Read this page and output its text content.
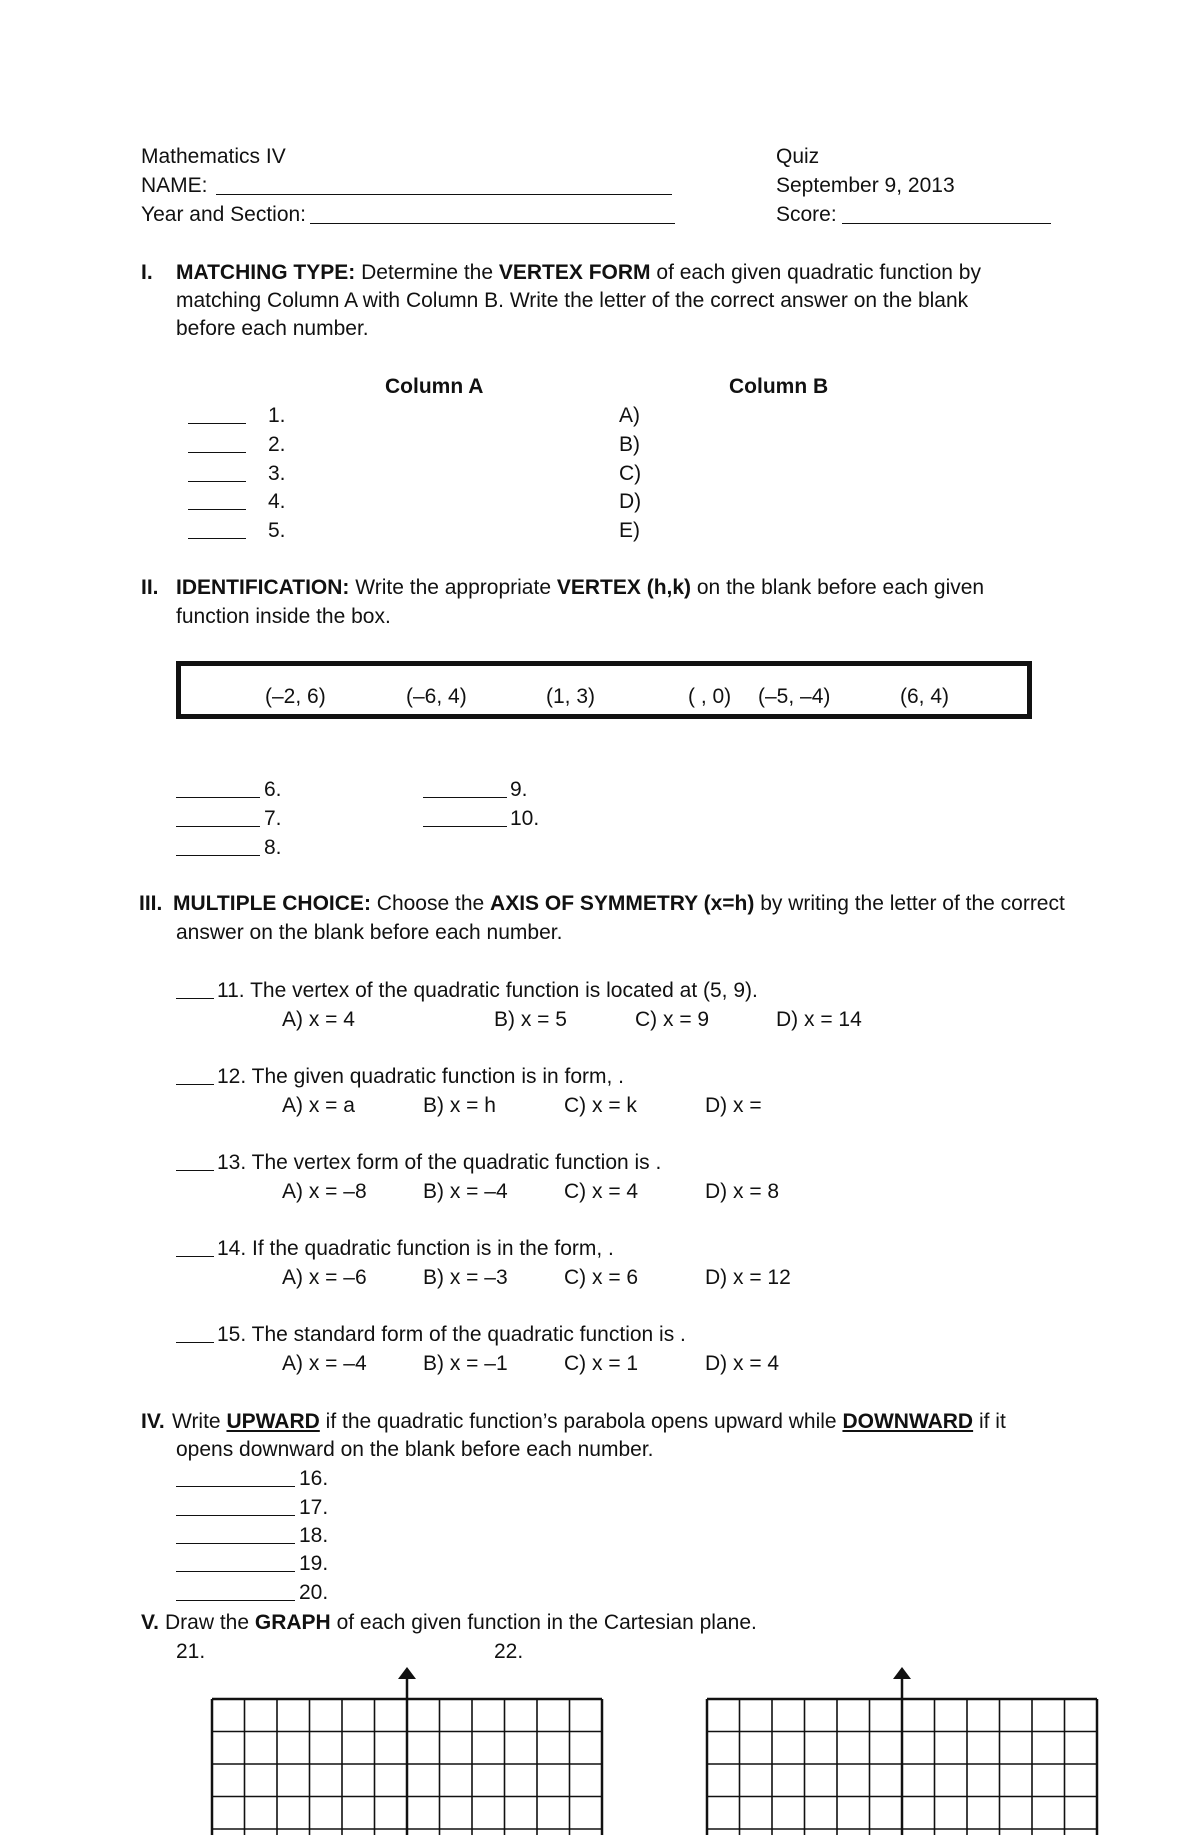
Mathematics IV
NAME:
Year and Section:
Quiz
September 9, 2013
Score:
I. MATCHING TYPE: Determine the VERTEX FORM of each given quadratic function by
matching Column A with Column B. Write the letter of the correct answer on the blank
before each number.
Column A	Column B
1.	A)
2.	B)
3.	C)
4.	D)
5.	E)
II. IDENTIFICATION: Write the appropriate VERTEX (h,k) on the blank before each given
function inside the box.
(–2, 6)	(–6, 4)	(1, 3)	( , 0) (–5, –4)	(6, 4)
6.
7.
8.
9.
10.
III. MULTIPLE CHOICE: Choose the AXIS OF SYMMETRY (x=h) by writing the letter of the correct
answer on the blank before each number.
11. The vertex of the quadratic function is located at (5, 9).
A) x = 4	B) x = 5	C) x = 9	D) x = 14
12. The given quadratic function is in form, .
A) x = a	B) x = h	C) x = k	D) x =
13. The vertex form of the quadratic function is .
A) x = –8	B) x = –4	C) x = 4	D) x = 8
14. If the quadratic function is in the form, .
A) x = –6	B) x = –3	C) x = 6	D) x = 12
15. The standard form of the quadratic function is .
A) x = –4	B) x = –1	C) x = 1	D) x = 4
IV. Write UPWARD if the quadratic function’s parabola opens upward while DOWNWARD if it
opens downward on the blank before each number.
16.
17.
18.
19.
20.
V. Draw the GRAPH of each given function in the Cartesian plane.
21.	22.
